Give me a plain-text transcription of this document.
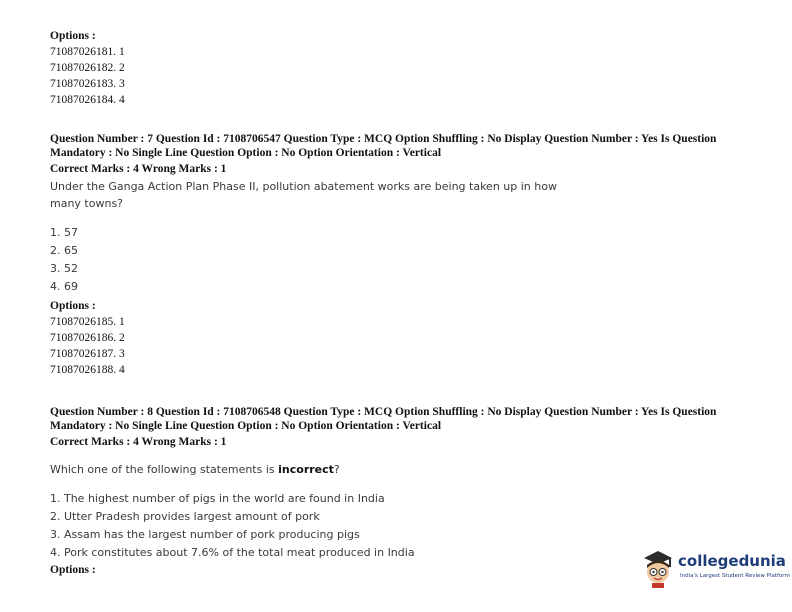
Options :
71087026181. 1
71087026182. 2
71087026183. 3
71087026184. 4
Question Number : 7 Question Id : 7108706547 Question Type : MCQ Option Shuffling : No Display Question Number : Yes Is Question
Mandatory : No Single Line Question Option : No Option Orientation : Vertical
Correct Marks : 4 Wrong Marks : 1
Under the Ganga Action Plan Phase II, pollution abatement works are being taken up in how
many towns?
1. 57
2. 65
3. 52
4. 69
Options :
71087026185. 1
71087026186. 2
71087026187. 3
71087026188. 4
Question Number : 8 Question Id : 7108706548 Question Type : MCQ Option Shuffling : No Display Question Number : Yes Is Question
Mandatory : No Single Line Question Option : No Option Orientation : Vertical
Correct Marks : 4 Wrong Marks : 1
Which one of the following statements is incorrect?
1. The highest number of pigs in the world are found in India
2. Utter Pradesh provides largest amount of pork
3. Assam has the largest number of pork producing pigs
4. Pork constitutes about 7.6% of the total meat produced in India
Options :	collegedunia
India's Largest Student Review Platform
